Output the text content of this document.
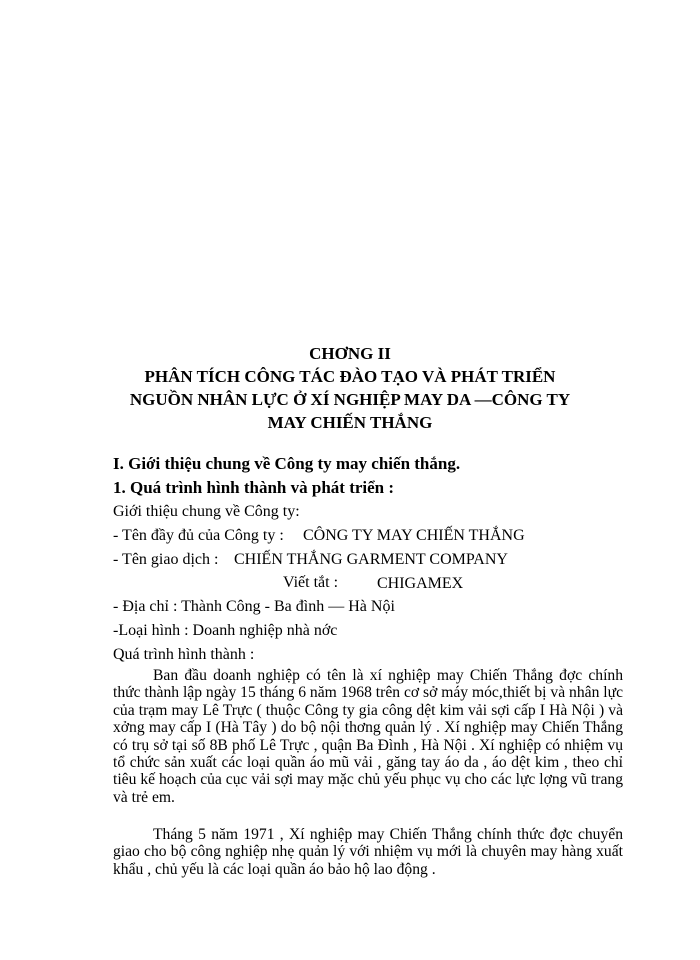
CHƠNG II
PHÂN TÍCH CÔNG TÁC ĐÀO TẠO VÀ PHÁT TRIỂN
NGUỒN NHÂN LỰC Ở XÍ NGHIỆP MAY DA —CÔNG TY
MAY CHIẾN THẮNG
I. Giới thiệu chung về Công ty may chiến thắng.
1. Quá trình hình thành và phát triển :
Giới thiệu chung về Công ty:
- Tên đầy đủ của Công ty : CÔNG TY MAY CHIẾN THẮNG
- Tên giao dịch : CHIẾN THẮNG GARMENT COMPANY
Viết tắt : CHIGAMEX
- Địa chỉ : Thành Công - Ba đình — Hà Nội
-Loại hình : Doanh nghiệp nhà nớc
Quá trình hình thành :

Ban đầu doanh nghiệp có tên là xí nghiệp may Chiến Thắng đợc chính thức thành lập ngày 15 tháng 6 năm 1968 trên cơ sở máy móc,thiết bị và nhân lực của trạm may Lê Trực ( thuộc Công ty gia công dệt kim vải sợi cấp I Hà Nội ) và xởng may cấp I (Hà Tây ) do bộ nội thơng quản lý . Xí nghiệp may Chiến Thắng có trụ sở tại số 8B phố Lê Trực , quận Ba Đình , Hà Nội . Xí nghiệp có nhiệm vụ tổ chức sản xuất các loại quần áo mũ vải , găng tay áo da , áo dệt kim , theo chỉ tiêu kế hoạch của cục vải sợi may mặc chủ yếu phục vụ cho các lực lợng vũ trang và trẻ em.

Tháng 5 năm 1971 , Xí nghiệp may Chiến Thắng chính thức đợc chuyển giao cho bộ công nghiệp nhẹ quản lý với nhiệm vụ mới là chuyên may hàng xuất khẩu , chủ yếu là các loại quần áo bảo hộ lao động .
